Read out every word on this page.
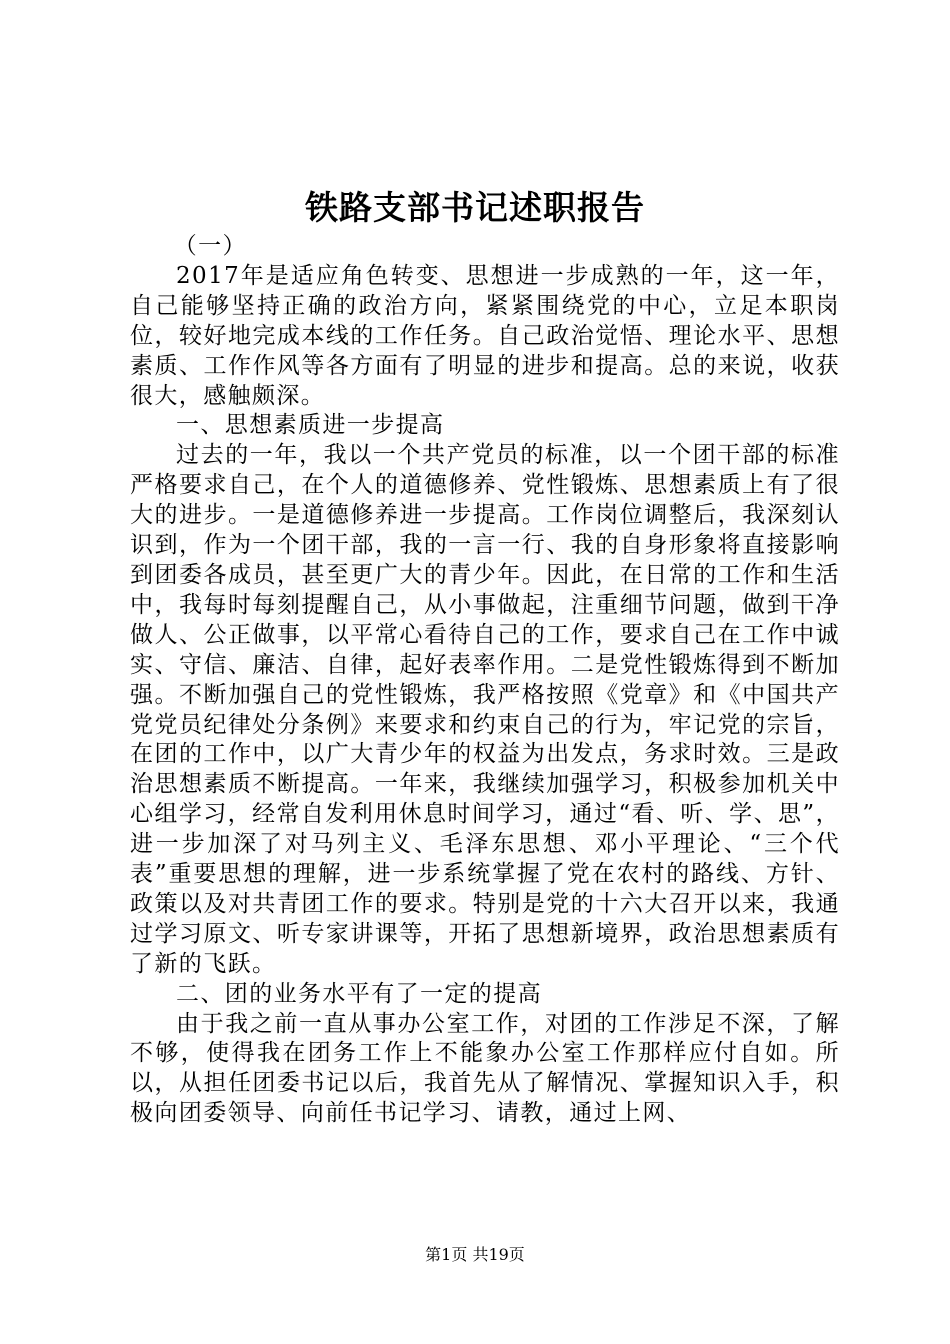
铁路支部书记述职报告

（一）

2017年是适应角色转变、思想进一步成熟的一年，这一年，自己能够坚持正确的政治方向，紧紧围绕党的中心，立足本职岗位，较好地完成本线的工作任务。自己政治觉悟、理论水平、思想素质、工作作风等各方面有了明显的进步和提高。总的来说，收获很大，感触颇深。

一、思想素质进一步提高

过去的一年，我以一个共产党员的标准，以一个团干部的标准严格要求自己，在个人的道德修养、党性锻炼、思想素质上有了很大的进步。一是道德修养进一步提高。工作岗位调整后，我深刻认识到，作为一个团干部，我的一言一行、我的自身形象将直接影响到团委各成员，甚至更广大的青少年。因此，在日常的工作和生活中，我每时每刻提醒自己，从小事做起，注重细节问题，做到干净做人、公正做事，以平常心看待自己的工作，要求自己在工作中诚实、守信、廉洁、自律，起好表率作用。二是党性锻炼得到不断加强。不断加强自己的党性锻炼，我严格按照《党章》和《中国共产党党员纪律处分条例》来要求和约束自己的行为，牢记党的宗旨，在团的工作中，以广大青少年的权益为出发点，务求时效。三是政治思想素质不断提高。一年来，我继续加强学习，积极参加机关中心组学习，经常自发利用休息时间学习，通过“看、听、学、思”，进一步加深了对马列主义、毛泽东思想、邓小平理论、“三个代表”重要思想的理解，进一步系统掌握了党在农村的路线、方针、政策以及对共青团工作的要求。特别是党的十六大召开以来，我通过学习原文、听专家讲课等，开拓了思想新境界，政治思想素质有了新的飞跃。

二、团的业务水平有了一定的提高

由于我之前一直从事办公室工作，对团的工作涉足不深，了解不够，使得我在团务工作上不能象办公室工作那样应付自如。所以，从担任团委书记以后，我首先从了解情况、掌握知识入手，积极向团委领导、向前任书记学习、请教，通过上网、

第1页 共19页
